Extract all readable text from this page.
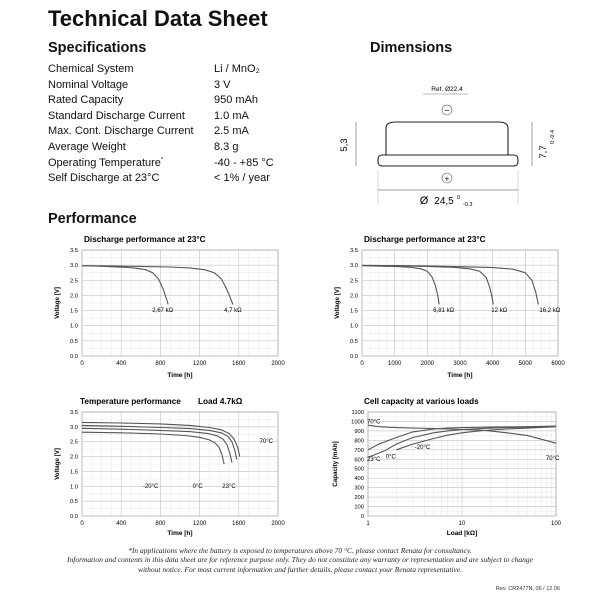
Technical Data Sheet
Specifications
Chemical System	Li / MnO₂
Nominal Voltage	3 V
Rated Capacity	950 mAh
Standard Discharge Current	1.0 mA
Max. Cont. Discharge Current 2.5 mA
Average Weight	8.3 g
Operating Temperature*	-40 - +85 °C
Self Discharge at 23°C	< 1% / year
Dimensions
Ref. Ø22.4
−
+
5,3
7,7
0 -0.4
Ø 24,5 0
-0.3
Performance
Discharge performance at 23°C
0.0
0.5
1.0
1.5
2.0
2.5
3.0
3.5
0	400	800	1200	1600	2000
Time [h]
Voltage [V]	2,67 kΩ	4,7 kΩ
Discharge performance at 23°C
0.0
0.5
1.0
1.5
2.0
2.5
3.0
3.5
0	1000	2000	3000	4000	5000	6000
Time [h]
Voltage [V]	6,81 kΩ	12 kΩ	16,2 kΩ
Temperature performance Load 4.7kΩ
0.0
0.5
1.0
1.5
2.0
2.5
3.0
3.5
0	400	800	1200	1600	2000
Time [h]
Voltage [V]
70°C
-20°C	0°C	23°C
Cell capacity at various loads
0
100
200
300
400
500
600
700
800
900
1000
1100
1	10	100
Load [kΩ]
Capacity [mAh]
70°C
23°C 0°C
-20°C
70°C
*In applications where the battery is exposed to temperatures above 70 °C, please contact Renata for consultancy.
Information and contents in this data sheet are for reference purpose only. They do not constitute any warranty or representation and are subject to change
without notice. For most current information and further details, please contact your Renata representative.
Rev. CR2477N, 06 / 12.06
